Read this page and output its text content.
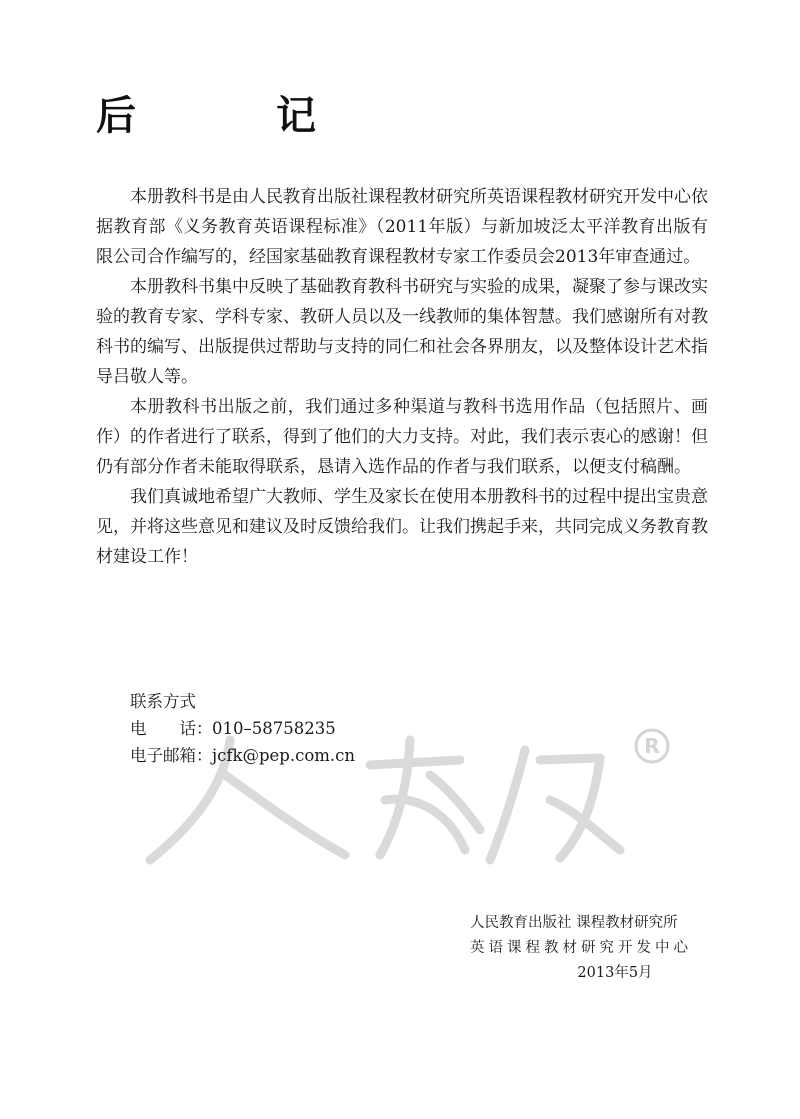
后　记

本册教科书是由人民教育出版社课程教材研究所英语课程教材研究开发中心依据教育部《义务教育英语课程标准》（2011年版）与新加坡泛太平洋教育出版有限公司合作编写的，经国家基础教育课程教材专家工作委员会2013年审查通过。

本册教科书集中反映了基础教育教科书研究与实验的成果，凝聚了参与课改实验的教育专家、学科专家、教研人员以及一线教师的集体智慧。我们感谢所有对教科书的编写、出版提供过帮助与支持的同仁和社会各界朋友，以及整体设计艺术指导吕敬人等。

本册教科书出版之前，我们通过多种渠道与教科书选用作品（包括照片、画作）的作者进行了联系，得到了他们的大力支持。对此，我们表示衷心的感谢！但仍有部分作者未能取得联系，恳请入选作品的作者与我们联系，以便支付稿酬。

我们真诚地希望广大教师、学生及家长在使用本册教科书的过程中提出宝贵意见，并将这些意见和建议及时反馈给我们。让我们携起手来，共同完成义务教育教材建设工作！

R
联系方式
电　　话：010–58758235
电子邮箱：jcfk@pep.com.cn
人民教育出版社 课程教材研究所
英语课程教材研究开发中心
2013年5月
